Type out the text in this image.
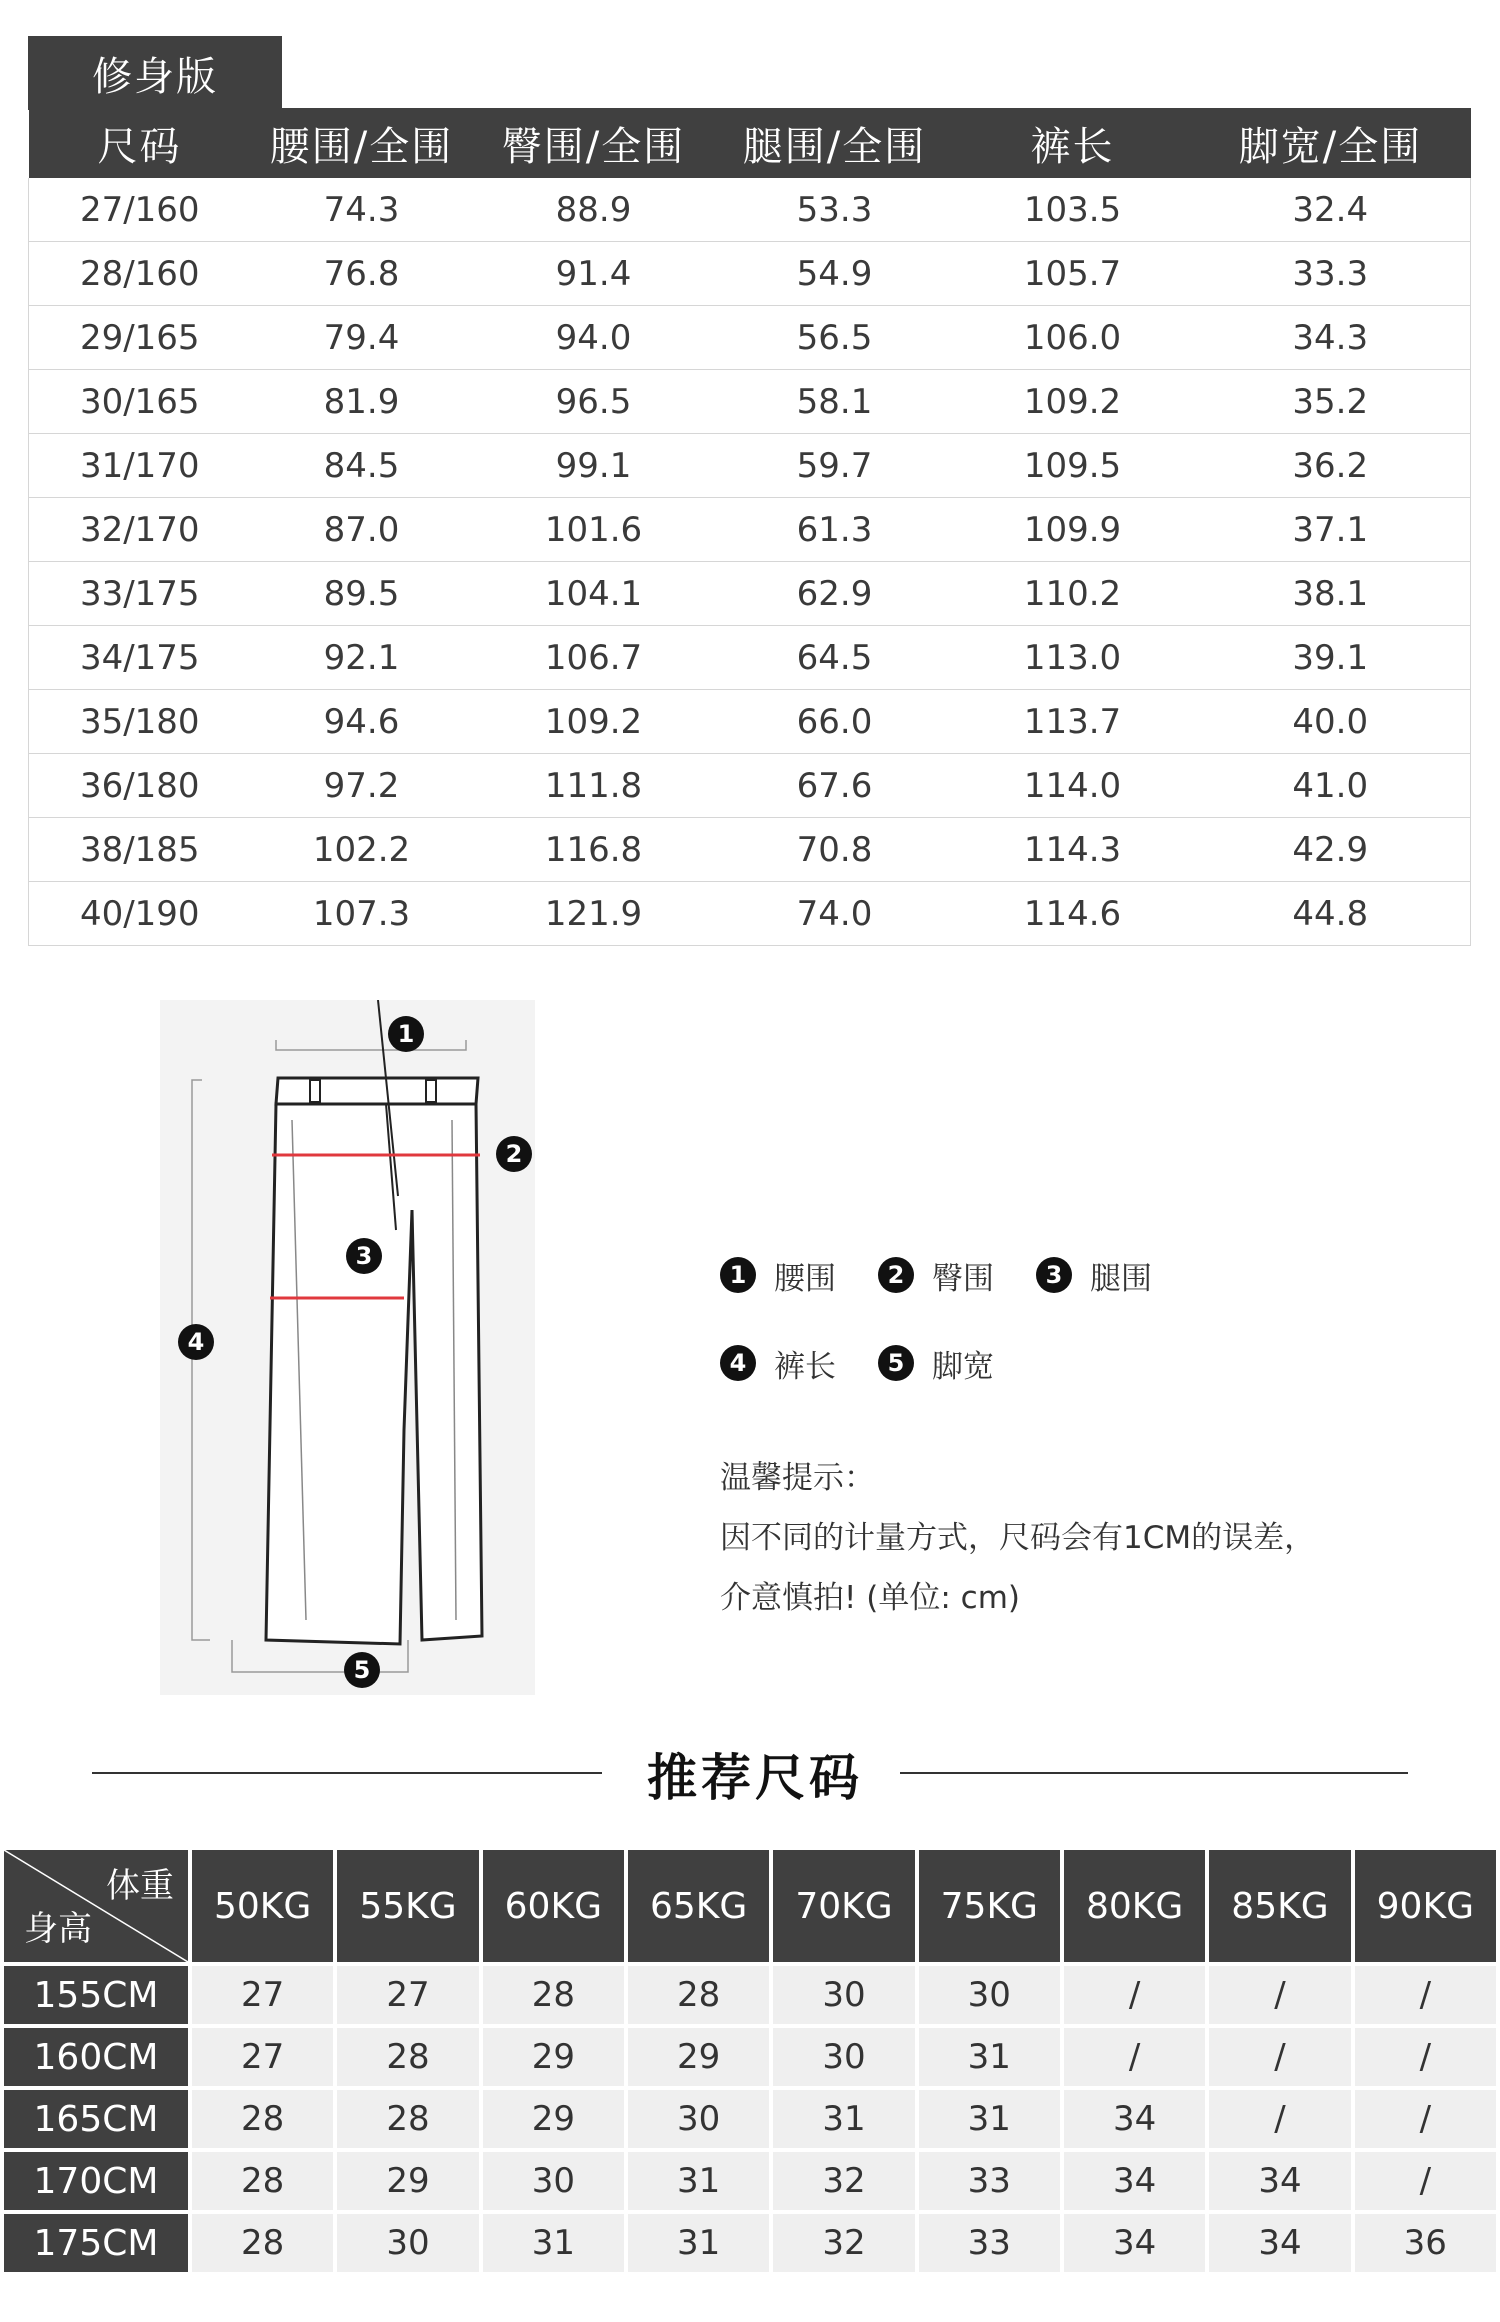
修身版
尺码	腰围/全围	臀围/全围	腿围/全围	裤长	脚宽/全围
27/160	74.3	88.9	53.3	103.5	32.4
28/160	76.8	91.4	54.9	105.7	33.3
29/165	79.4	94.0	56.5	106.0	34.3
30/165	81.9	96.5	58.1	109.2	35.2
31/170	84.5	99.1	59.7	109.5	36.2
32/170	87.0	101.6	61.3	109.9	37.1
33/175	89.5	104.1	62.9	110.2	38.1
34/175	92.1	106.7	64.5	113.0	39.1
35/180	94.6	109.2	66.0	113.7	40.0
36/180	97.2	111.8	67.6	114.0	41.0
38/185	102.2	116.8	70.8	114.3	42.9
40/190	107.3	121.9	74.0	114.6	44.8
1
2
3
4
5
1 腰围	2 臀围	3 腿围
4 裤长	5 脚宽
温馨提示：
因不同的计量方式，尺码会有1CM的误差，
介意慎拍! (单位: cm)
推荐尺码
体重
身高	50KG	55KG	60KG	65KG	70KG	75KG	80KG	85KG	90KG
155CM	27	27	28	28	30	30	/	/	/
160CM	27	28	29	29	30	31	/	/	/
165CM	28	28	29	30	31	31	34	/	/
170CM	28	29	30	31	32	33	34	34	/
175CM	28	30	31	31	32	33	34	34	36
